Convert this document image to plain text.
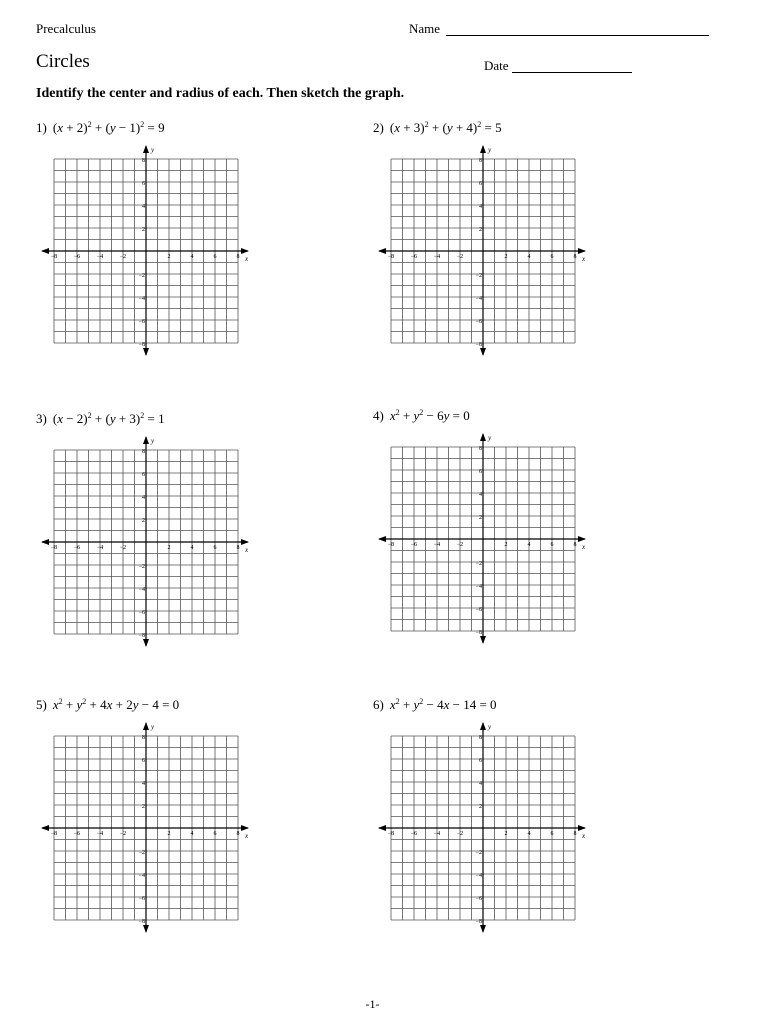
Precalculus	Name
Circles	Date
Identify the center and radius of each. Then sketch the graph.
1) $(x + 2)^2 + (y - 1)^2 = 9$	2) $(x + 3)^2 + (y + 4)^2 = 5$
3) $(x - 2)^2 + (y + 3)^2 = 1$	4) $x^2 + y^2 - 6y = 0$
5) $x^2 + y^2 + 4x + 2y - 4 = 0$	6) $x^2 + y^2 - 4x - 14 = 0$
x
y
−8	−6	−4	−2	2	4	6	8
8
6
4
2
−2
−4
−6
−8
x
y
−8	−6	−4	−2	2	4	6	8
8
6
4
2
−2
−4
−6
−8
x
y
−8	−6	−4	−2	2	4	6	8
8
6
4
2
−2
−4
−6
−8
x
y
−8	−6	−4	−2	2	4	6	8
8
6
4
2
−2
−4
−6
−8
x
y
−8	−6	−4	−2	2	4	6	8
8
6
4
2
−2
−4
−6
−8
x
y
−8	−6	−4	−2	2	4	6	8
8
6
4
2
−2
−4
−6
−8
-1-
